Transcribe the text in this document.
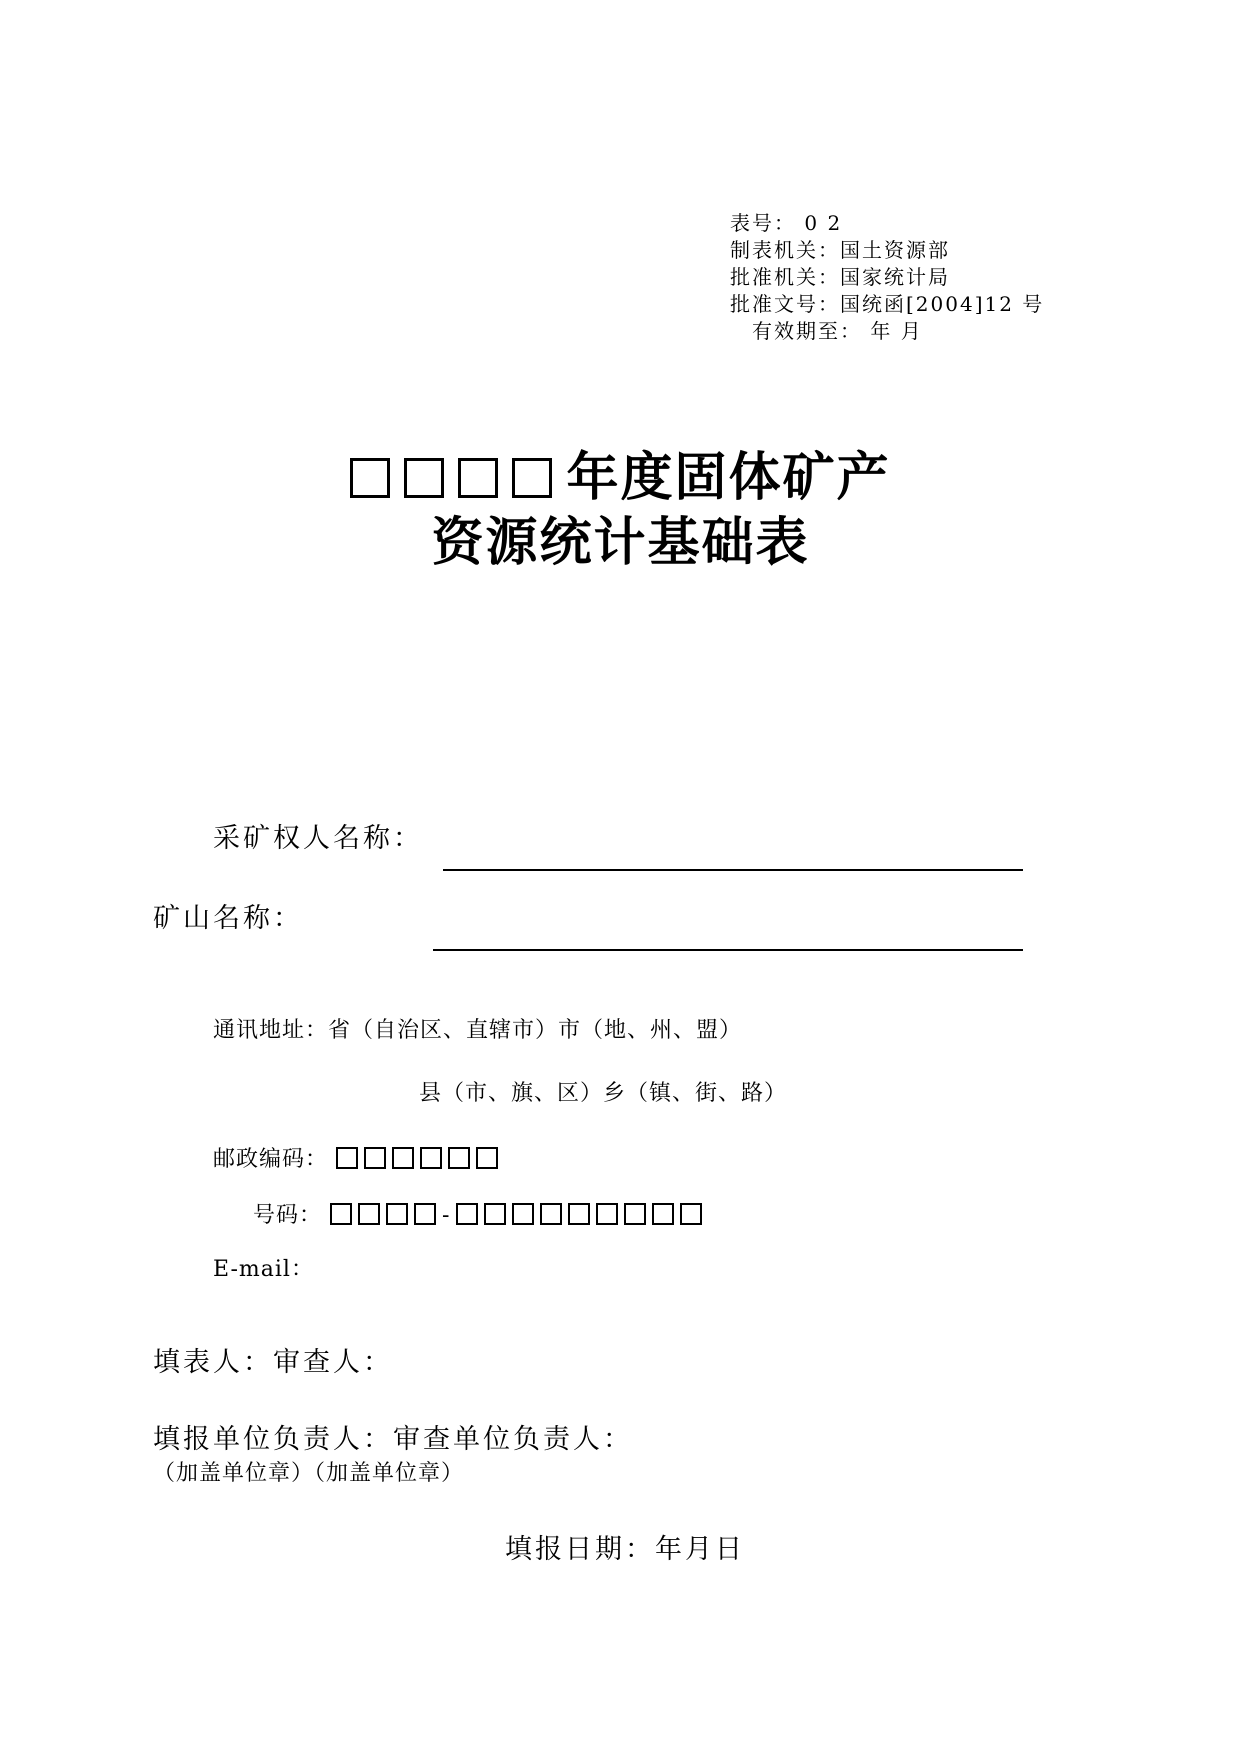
表号： 0 2
制表机关：国土资源部
批准机关：国家统计局
批准文号：国统函[2004]12 号
有效期至： 年 月
年度固体矿产
资源统计基础表
采矿权人名称：
矿山名称：
通讯地址：省（自治区、直辖市）市（地、州、盟）
县（市、旗、区）乡（镇、街、路）
邮政编码：
号码：	-
E-mail：
填表人：审查人：
填报单位负责人：审查单位负责人：
（加盖单位章）（加盖单位章）
填报日期：年月日
